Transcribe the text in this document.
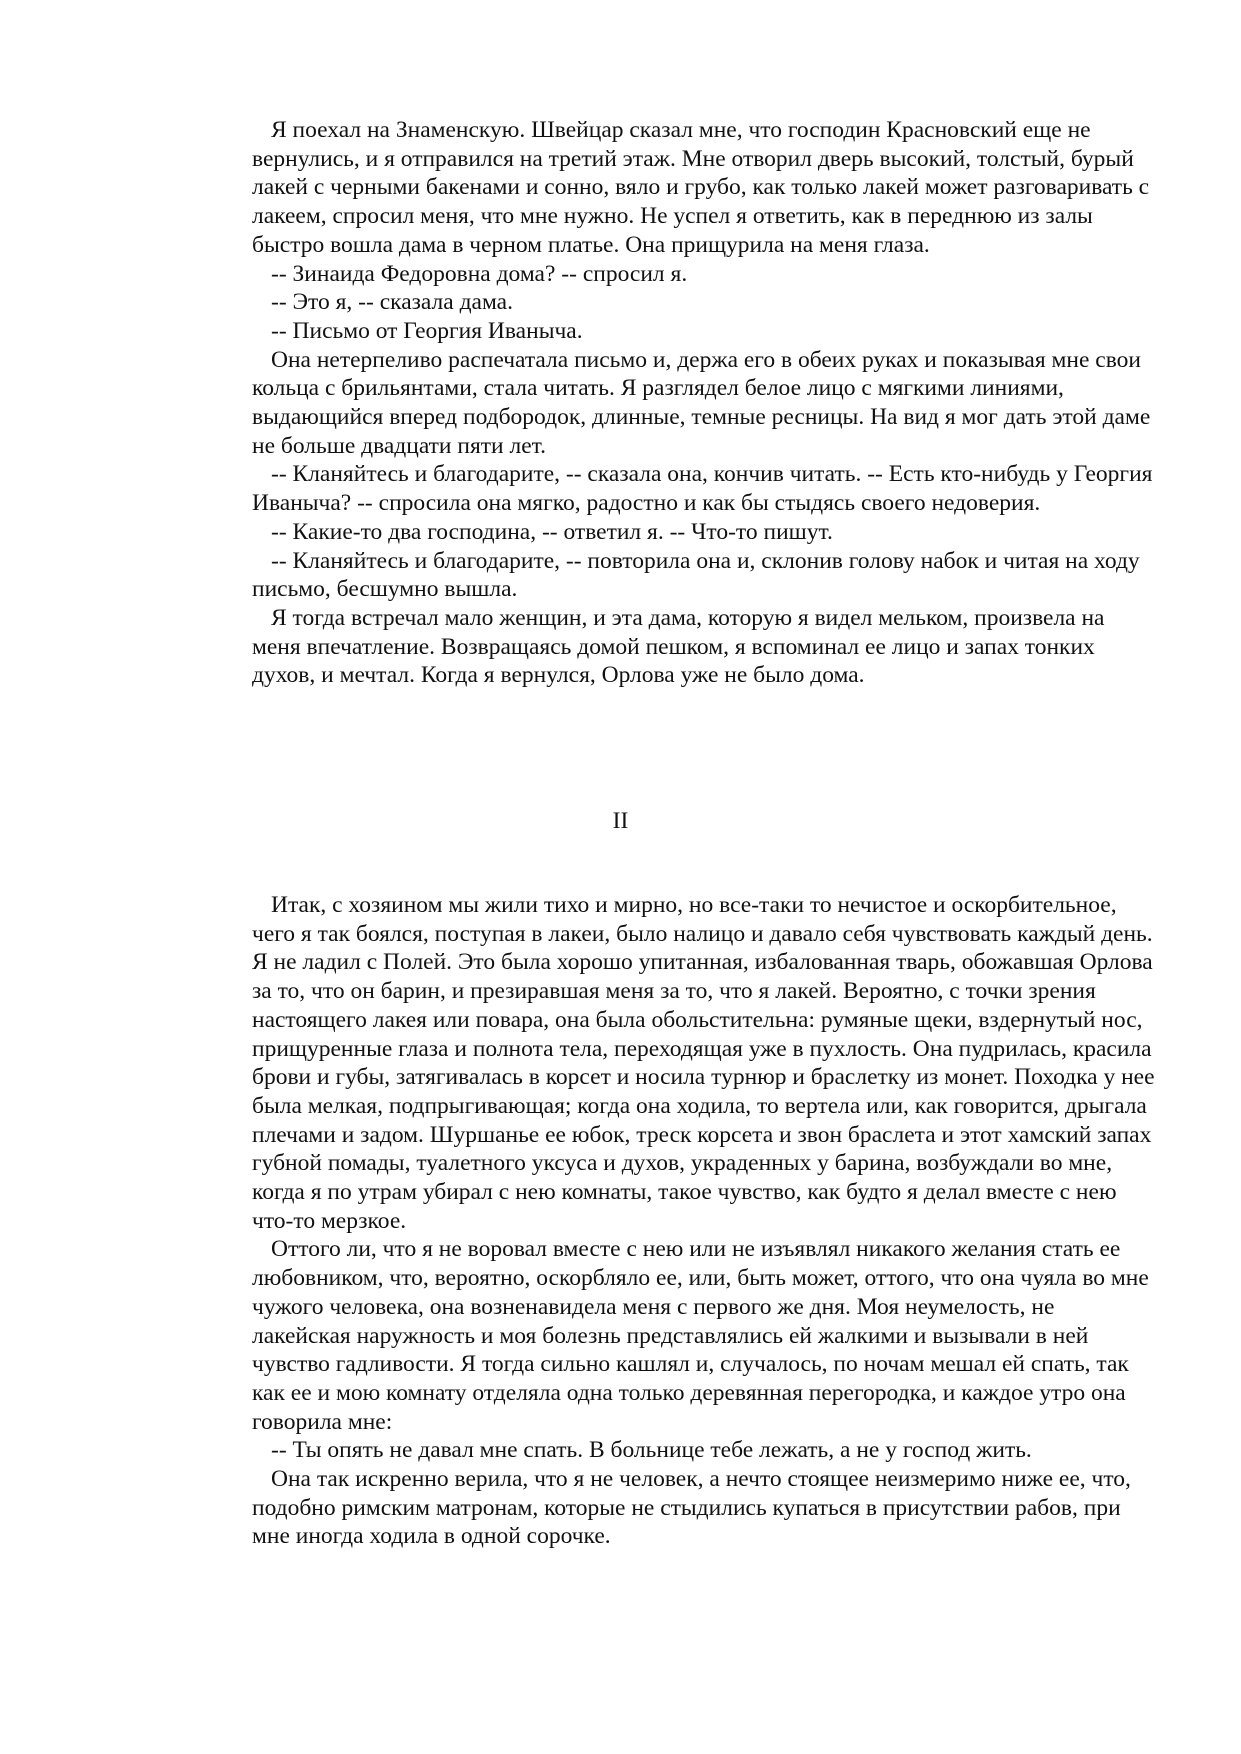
Я поехал на Знаменскую. Швейцар сказал мне, что господин Красновский еще не вернулись, и я отправился на третий этаж. Мне отворил дверь высокий, толстый, бурый лакей с черными бакенами и сонно, вяло и грубо, как только лакей может разговаривать с лакеем, спросил меня, что мне нужно. Не успел я ответить, как в переднюю из залы быстро вошла дама в черном платье. Она прищурила на меня глаза.

-- Зинаида Федоровна дома? -- спросил я.

-- Это я, -- сказала дама.

-- Письмо от Георгия Иваныча.

Она нетерпеливо распечатала письмо и, держа его в обеих руках и показывая мне свои кольца с брильянтами, стала читать. Я разглядел белое лицо с мягкими линиями, выдающийся вперед подбородок, длинные, темные ресницы. На вид я мог дать этой даме не больше двадцати пяти лет.

-- Кланяйтесь и благодарите, -- сказала она, кончив читать. -- Есть кто-нибудь у Георгия Иваныча? -- спросила она мягко, радостно и как бы стыдясь своего недоверия.

-- Какие-то два господина, -- ответил я. -- Что-то пишут.

-- Кланяйтесь и благодарите, -- повторила она и, склонив голову набок и читая на ходу письмо, бесшумно вышла.

Я тогда встречал мало женщин, и эта дама, которую я видел мельком, произвела на меня впечатление. Возвращаясь домой пешком, я вспоминал ее лицо и запах тонких духов, и мечтал. Когда я вернулся, Орлова уже не было дома.

II

Итак, с хозяином мы жили тихо и мирно, но все-таки то нечистое и оскорбительное, чего я так боялся, поступая в лакеи, было налицо и давало себя чувствовать каждый день. Я не ладил с Полей. Это была хорошо упитанная, избалованная тварь, обожавшая Орлова за то, что он барин, и презиравшая меня за то, что я лакей. Вероятно, с точки зрения настоящего лакея или повара, она была обольстительна: румяные щеки, вздернутый нос, прищуренные глаза и полнота тела, переходящая уже в пухлость. Она пудрилась, красила брови и губы, затягивалась в корсет и носила турнюр и браслетку из монет. Походка у нее была мелкая, подпрыгивающая; когда она ходила, то вертела или, как говорится, дрыгала плечами и задом. Шуршанье ее юбок, треск корсета и звон браслета и этот хамский запах губной помады, туалетного уксуса и духов, украденных у барина, возбуждали во мне, когда я по утрам убирал с нею комнаты, такое чувство, как будто я делал вместе с нею что-то мерзкое.

Оттого ли, что я не воровал вместе с нею или не изъявлял никакого желания стать ее любовником, что, вероятно, оскорбляло ее, или, быть может, оттого, что она чуяла во мне чужого человека, она возненавидела меня с первого же дня. Моя неумелость, не лакейская наружность и моя болезнь представлялись ей жалкими и вызывали в ней чувство гадливости. Я тогда сильно кашлял и, случалось, по ночам мешал ей спать, так как ее и мою комнату отделяла одна только деревянная перегородка, и каждое утро она говорила мне:

-- Ты опять не давал мне спать. В больнице тебе лежать, а не у господ жить.

Она так искренно верила, что я не человек, а нечто стоящее неизмеримо ниже ее, что, подобно римским матронам, которые не стыдились купаться в присутствии рабов, при мне иногда ходила в одной сорочке.
